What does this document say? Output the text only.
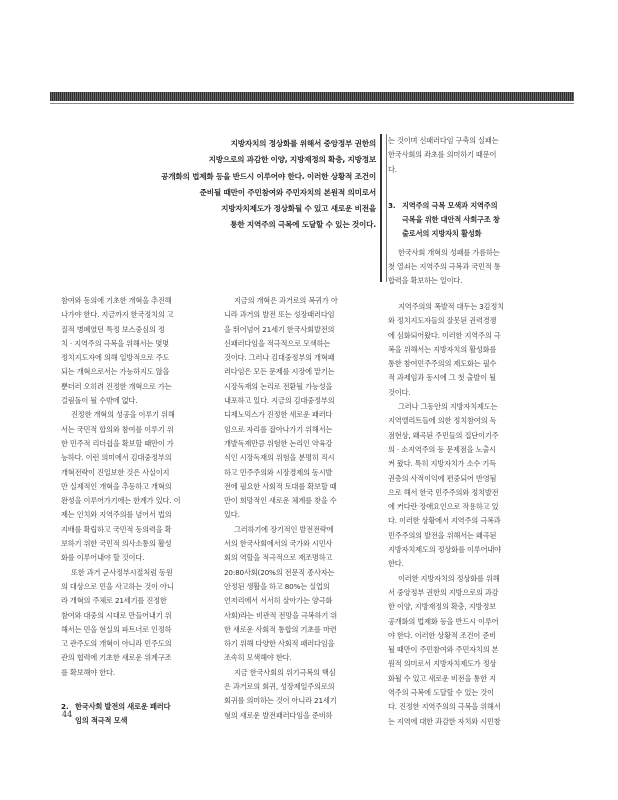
지방자치의 정상화를 위해서 중앙정부 권한의
지방으로의 과감한 이양, 지방재정의 확충, 지방정보
공개화의 법제화 등을 반드시 이루어야 한다. 이러한 상황적 조건이
준비될 때만이 주민참여와 주민자치의 본원적 의미로서
지방자치제도가 정상화될 수 있고 새로운 비전을
통한 지역주의 극복에 도달할 수 있는 것이다.
는 것이며 신패러다임 구축의 실패는
한국사회의 좌초를 의미하기 때문이
다.
3. 지역주의 극복 모색과 지역주의
극복을 위한 대안적 사회구조 창
출로서의 지방자치 활성화
한국사회 개혁의 성패를 가름하는
첫 열쇠는 지역주의 극복과 국민적 통
합력을 확보하는 일이다.
지역주의의 폭발적 대두는 3김정치
와 정치지도자들의 잘못된 권력경쟁
에 심화되어왔다. 이러한 지역주의 극
복을 위해서는 지방자치의 활성화를
통한 참여민주주의의 제도화는 필수
적 과제임과 동시에 그 첫 출발이 될
것이다.
그러나 그동안의 지방자치제도는
지역엘리트들에 의한 정치참여의 독
점현상, 왜곡된 주민들의 집단이기주
의 · 소지역주의 등 문제점을 노출시
켜 왔다. 특히 지방자치가 소수 기득
권층의 사적이익에 편중되어 반영됨
으로 해서 한국 민주주의와 정치발전
에 커다란 장애요인으로 작용하고 있
다. 이러한 상황에서 지역주의 극복과
민주주의의 발전을 위해서는 왜곡된
지방자치제도의 정상화를 이루어내야
한다.
이러한 지방자치의 정상화를 위해
서 중앙정부 권한의 지방으로의 과감
한 이양, 지방재정의 확충, 지방정보
공개화의 법제화 등을 반드시 이루어
야 한다. 이러한 상황적 조건이 준비
될 때만이 주민참여와 주민자치의 본
원적 의미로서 지방자치제도가 정상
화될 수 있고 새로운 비전을 통한 지
역주의 극복에 도달할 수 있는 것이
다. 진정한 지역주의의 극복을 위해서
는 지역에 대한 과감한 자치와 시민참
참여와 동의에 기초한 개혁을 추진해
나가야 한다. 지금까지 한국정치의 고
질적 병폐였던 특정 보스중심의 정
치 · 지역주의 극복을 위해서는 몇몇
정치지도자에 의해 일방적으로 주도
되는 개혁으로서는 가능하지도 않을
뿐더러 오히려 진정한 개혁으로 가는
걸림돌이 될 수밖에 없다.
진정한 개혁의 성공을 이루기 위해
서는 국민적 합의와 참여를 이루기 위
한 민주적 리더쉽을 확보할 때만이 가
능하다. 이런 의미에서 김대중정부의
개혁전략이 진일보한 것은 사실이지
만 실제적인 개혁을 추동하고 개혁의
완성을 이루어가기에는 한계가 있다. 이
제는 인치와 지역주의를 넘어서 법의
지배를 확립하고 국민적 동의력을 확
보하기 위한 국민적 의사소통의 활성
화를 이루어내야 할 것이다.
또한 과거 군사정부시절처럼 동원
의 대상으로 민을 사고하는 것이 아니
라 개혁의 주체로 21세기를 진정한
참여와 대중의 시대로 만들어내기 위
해서는 민을 현실의 파트너로 인정하
고 관주도의 개혁이 아니라 민주도의
관의 협력에 기초한 새로운 위계구조
를 확보해야 한다.
2. 한국사회 발전의 새로운 패러다
임의 적극적 모색
지금의 개혁은 과거로의 복귀가 아
니라 과거의 발전 또는 성장패러다임
을 뛰어넘어 21세기 한국사회발전의
신패러다임을 적극적으로 모색하는
것이다. 그러나 김대중정부의 개혁패
러다임은 모든 문제를 시장에 맡기는
시장독재의 논리로 전환될 가능성을
내포하고 있다. 지금의 김대중정부의
디제노믹스가 진정한 새로운 패러다
임으로 자리를 잡아나가기 위해서는
개발독재만큼 위험한 논리인 약육강
식인 시장독재의 위험을 분명히 직시
하고 민주주의와 시장경제의 동시발
전에 필요한 사회적 토대를 확보할 때
만이 희망적인 새로운 체계를 찾을 수
있다.
그러하기에 장기적인 발전전략에
서의 한국사회에서의 국가와 시민사
회의 역할을 적극적으로 재조명하고
20:80사회(20%의 전문직 종사자는
안정된 생활을 하고 80%는 실업의
언저리에서 서서히 살아가는 양극화
사회)라는 비관적 전망을 극복하기 위
한 새로운 사회적 통합의 기초를 마련
하기 위해 다양한 사회적 패러다임을
조속히 모색해야 한다.
지금 한국사회의 위기극복의 핵심
은 과거로의 회귀, 성장제일주의로의
회귀를 의미하는 것이 아니라 21세기
형의 새로운 발전패러다임을 준비하
44
